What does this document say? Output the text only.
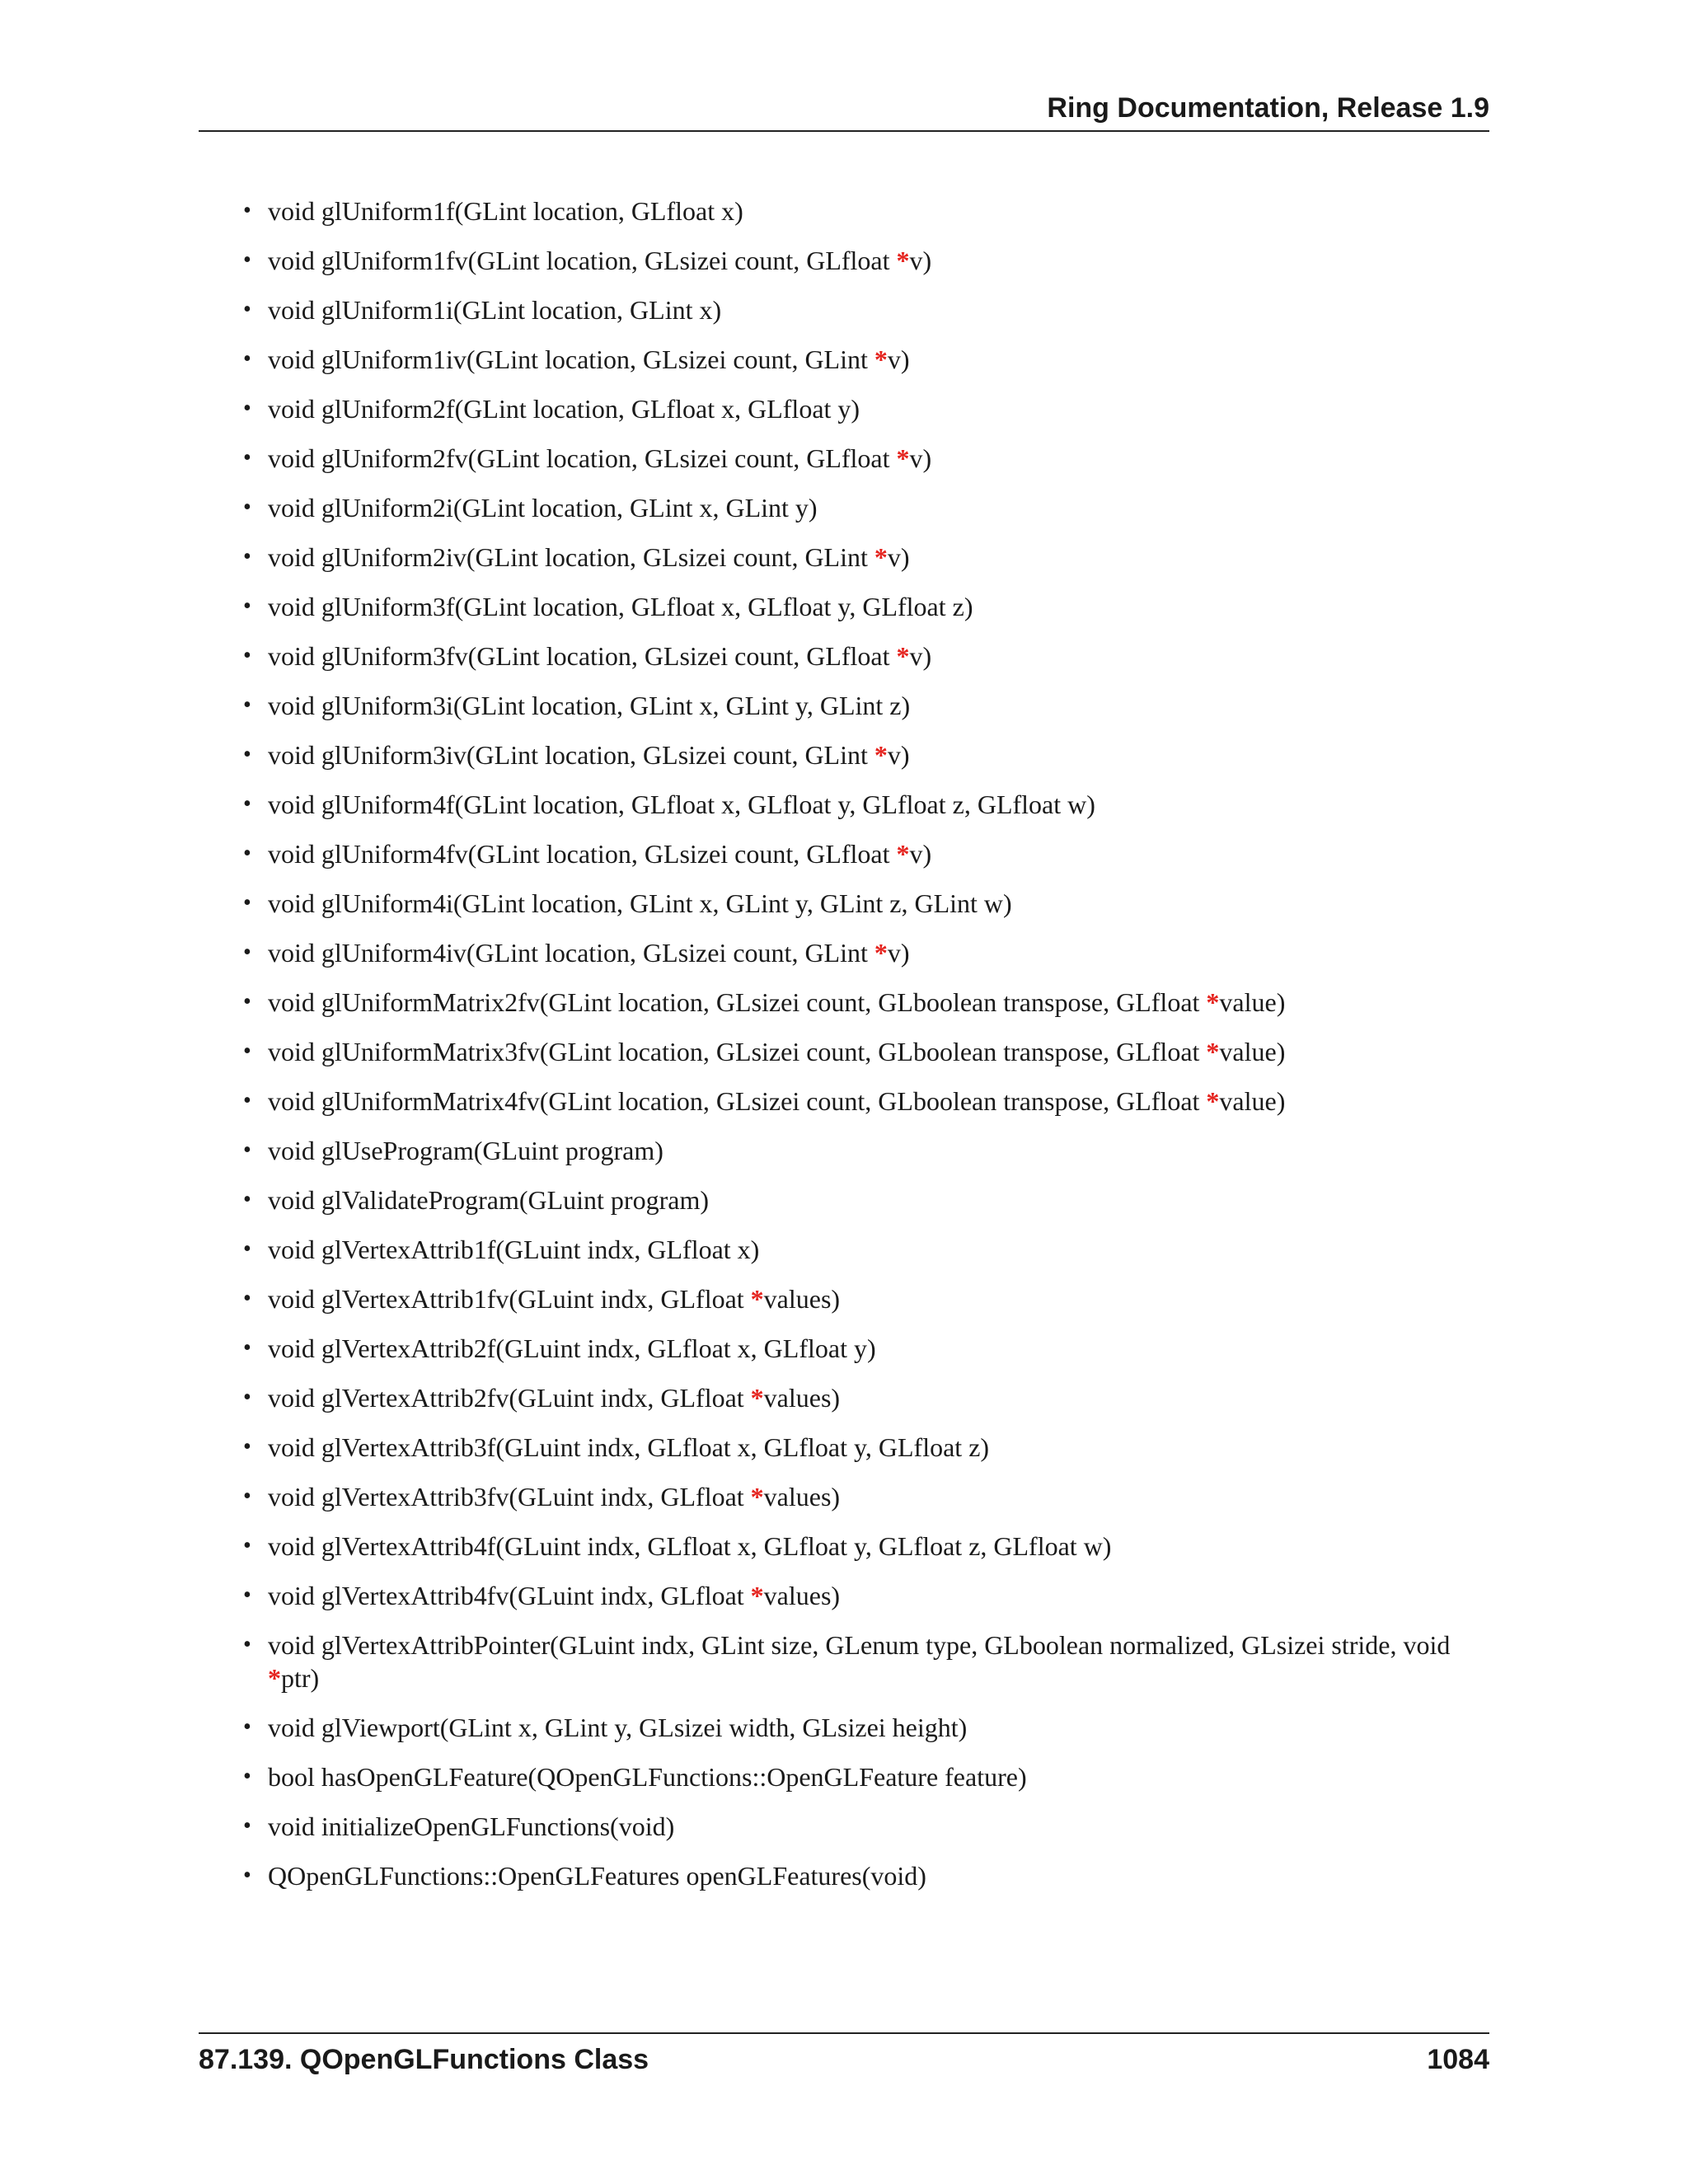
Ring Documentation, Release 1.9
• void glUniform1f(GLint location, GLfloat x)
• void glUniform1fv(GLint location, GLsizei count, GLfloat *v)
• void glUniform1i(GLint location, GLint x)
• void glUniform1iv(GLint location, GLsizei count, GLint *v)
• void glUniform2f(GLint location, GLfloat x, GLfloat y)
• void glUniform2fv(GLint location, GLsizei count, GLfloat *v)
• void glUniform2i(GLint location, GLint x, GLint y)
• void glUniform2iv(GLint location, GLsizei count, GLint *v)
• void glUniform3f(GLint location, GLfloat x, GLfloat y, GLfloat z)
• void glUniform3fv(GLint location, GLsizei count, GLfloat *v)
• void glUniform3i(GLint location, GLint x, GLint y, GLint z)
• void glUniform3iv(GLint location, GLsizei count, GLint *v)
• void glUniform4f(GLint location, GLfloat x, GLfloat y, GLfloat z, GLfloat w)
• void glUniform4fv(GLint location, GLsizei count, GLfloat *v)
• void glUniform4i(GLint location, GLint x, GLint y, GLint z, GLint w)
• void glUniform4iv(GLint location, GLsizei count, GLint *v)
• void glUniformMatrix2fv(GLint location, GLsizei count, GLboolean transpose, GLfloat *value)
• void glUniformMatrix3fv(GLint location, GLsizei count, GLboolean transpose, GLfloat *value)
• void glUniformMatrix4fv(GLint location, GLsizei count, GLboolean transpose, GLfloat *value)
• void glUseProgram(GLuint program)
• void glValidateProgram(GLuint program)
• void glVertexAttrib1f(GLuint indx, GLfloat x)
• void glVertexAttrib1fv(GLuint indx, GLfloat *values)
• void glVertexAttrib2f(GLuint indx, GLfloat x, GLfloat y)
• void glVertexAttrib2fv(GLuint indx, GLfloat *values)
• void glVertexAttrib3f(GLuint indx, GLfloat x, GLfloat y, GLfloat z)
• void glVertexAttrib3fv(GLuint indx, GLfloat *values)
• void glVertexAttrib4f(GLuint indx, GLfloat x, GLfloat y, GLfloat z, GLfloat w)
• void glVertexAttrib4fv(GLuint indx, GLfloat *values)
• void glVertexAttribPointer(GLuint indx, GLint size, GLenum type, GLboolean normalized, GLsizei stride, void *ptr)
• void glViewport(GLint x, GLint y, GLsizei width, GLsizei height)
• bool hasOpenGLFeature(QOpenGLFunctions::OpenGLFeature feature)
• void initializeOpenGLFunctions(void)
• QOpenGLFunctions::OpenGLFeatures openGLFeatures(void)
87.139. QOpenGLFunctions Class	1084
